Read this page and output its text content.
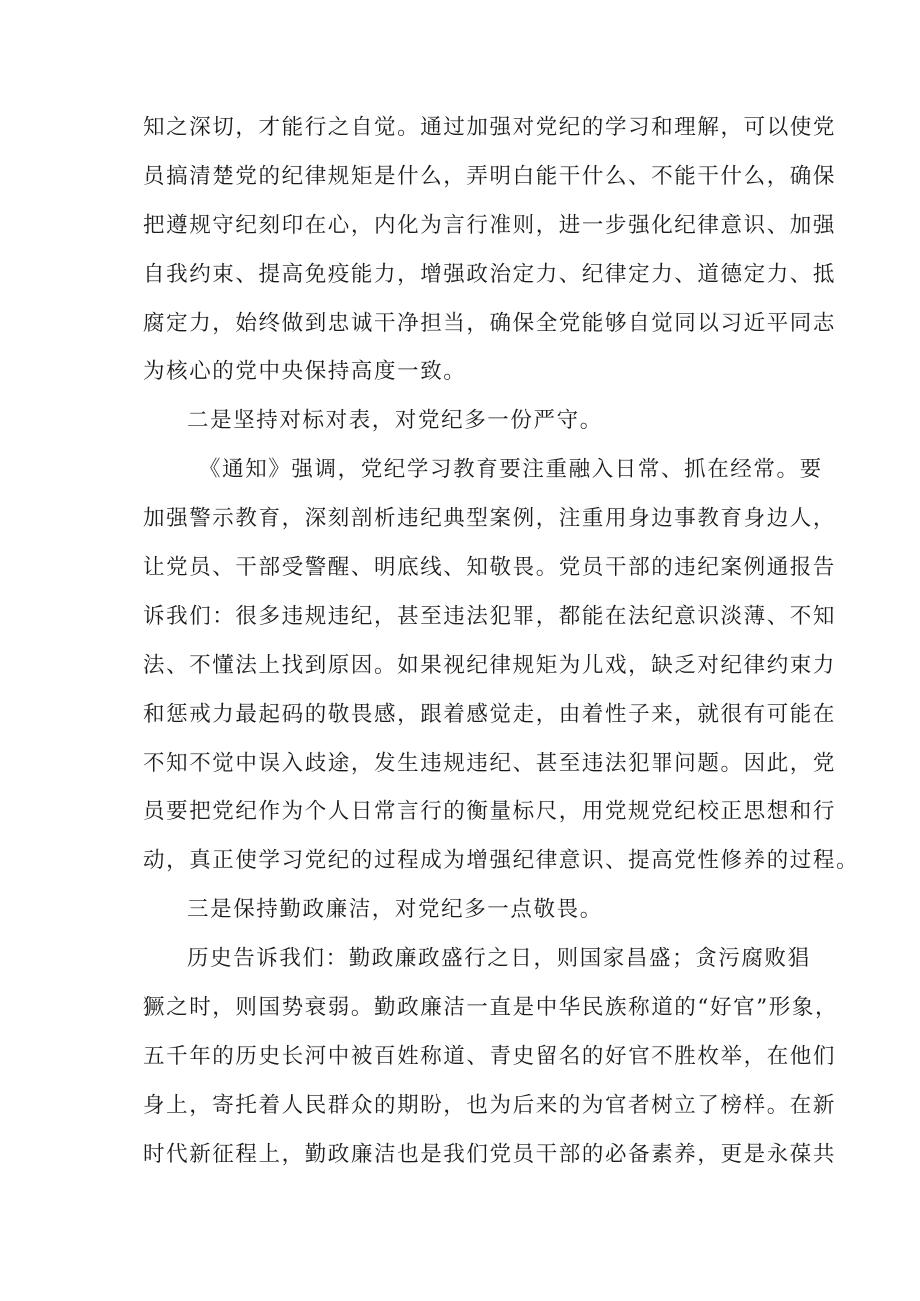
知之深切，才能行之自觉。通过加强对党纪的学习和理解，可以使党
员搞清楚党的纪律规矩是什么，弄明白能干什么、不能干什么，确保
把遵规守纪刻印在心，内化为言行准则，进一步强化纪律意识、加强
自我约束、提高免疫能力，增强政治定力、纪律定力、道德定力、抵
腐定力，始终做到忠诚干净担当，确保全党能够自觉同以习近平同志
为核心的党中央保持高度一致。
二是坚持对标对表，对党纪多一份严守。
《通知》强调，党纪学习教育要注重融入日常、抓在经常。要
加强警示教育，深刻剖析违纪典型案例，注重用身边事教育身边人，
让党员、干部受警醒、明底线、知敬畏。党员干部的违纪案例通报告
诉我们：很多违规违纪，甚至违法犯罪，都能在法纪意识淡薄、不知
法、不懂法上找到原因。如果视纪律规矩为儿戏，缺乏对纪律约束力
和惩戒力最起码的敬畏感，跟着感觉走，由着性子来，就很有可能在
不知不觉中误入歧途，发生违规违纪、甚至违法犯罪问题。因此，党
员要把党纪作为个人日常言行的衡量标尺，用党规党纪校正思想和行
动，真正使学习党纪的过程成为增强纪律意识、提高党性修养的过程。
三是保持勤政廉洁，对党纪多一点敬畏。
历史告诉我们：勤政廉政盛行之日，则国家昌盛；贪污腐败猖
獗之时，则国势衰弱。勤政廉洁一直是中华民族称道的“好官”形象，
五千年的历史长河中被百姓称道、青史留名的好官不胜枚举，在他们
身上，寄托着人民群众的期盼，也为后来的为官者树立了榜样。在新
时代新征程上，勤政廉洁也是我们党员干部的必备素养，更是永葆共
